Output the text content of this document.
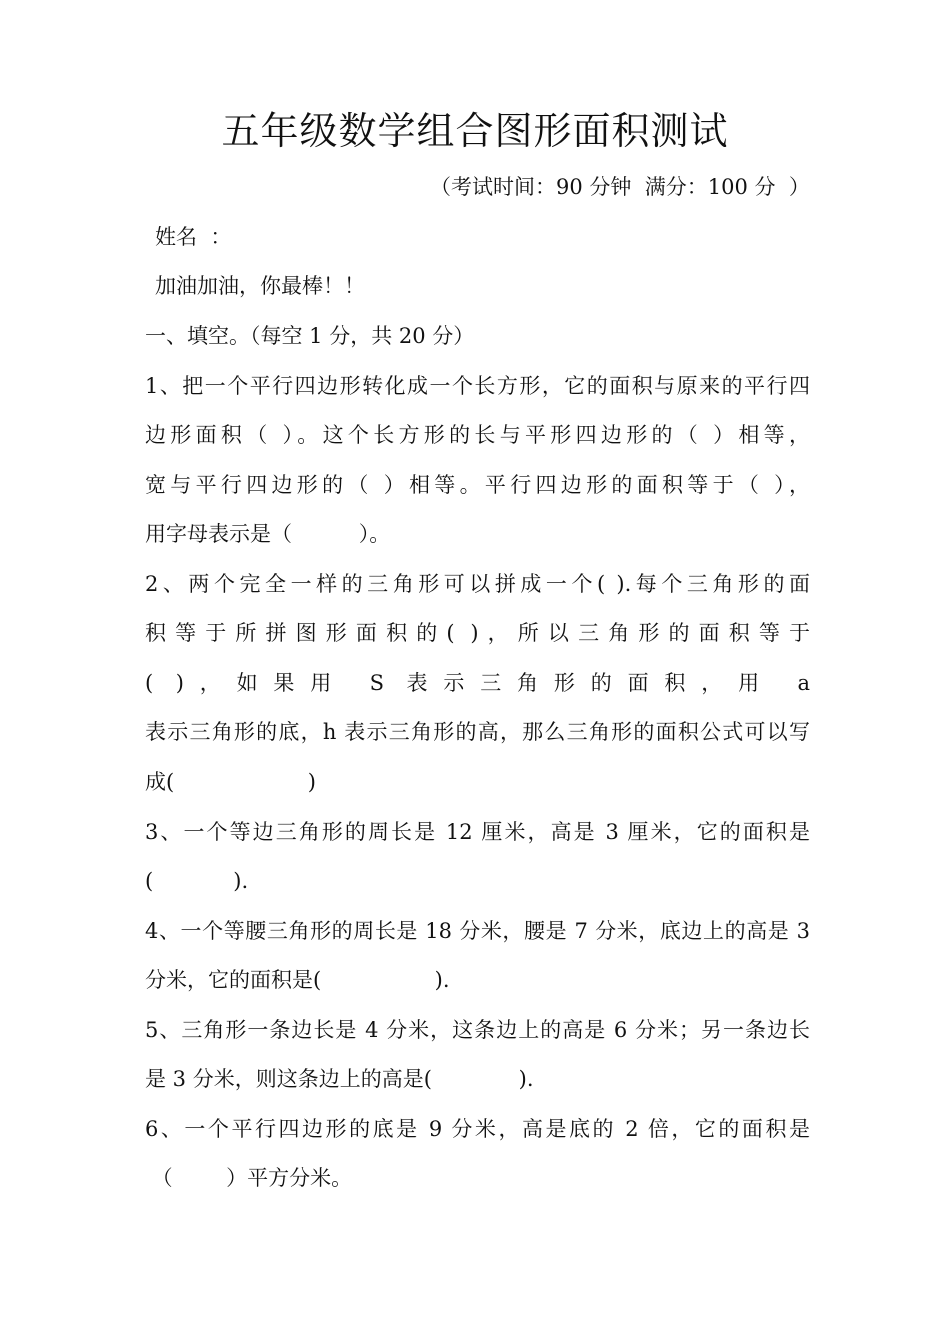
五年级数学组合图形面积测试
（考试时间：90 分钟  满分：100 分  ）
姓名  ：
加油加油，你最棒！！
一、填空。（每空 1 分，共 20 分）
1、把一个平行四边形转化成一个长方形，它的面积与原来的平行四
边形面积（ ）。这个长方形的长与平形四边形的（ ）相等，
宽与平行四边形的（ ）相等。平行四边形的面积等于（ ），
用字母表示是（          ）。
2、两个完全一样的三角形可以拼成一个( ).每个三角形的面
积等于所拼图形面积的( )，所以三角形的面积等于
( )，如果用 S 表示三角形的面积，用 a
表示三角形的底，h 表示三角形的高，那么三角形的面积公式可以写
成(                    )
3、一个等边三角形的周长是 12 厘米，高是 3 厘米，它的面积是
(            ).
4、一个等腰三角形的周长是 18 分米，腰是 7 分米，底边上的高是 3
分米，它的面积是(                 ).
5、三角形一条边长是 4 分米，这条边上的高是 6 分米；另一条边长
是 3 分米，则这条边上的高是(             ).
6、一个平行四边形的底是 9 分米，高是底的 2 倍，它的面积是
（        ）平方分米。
